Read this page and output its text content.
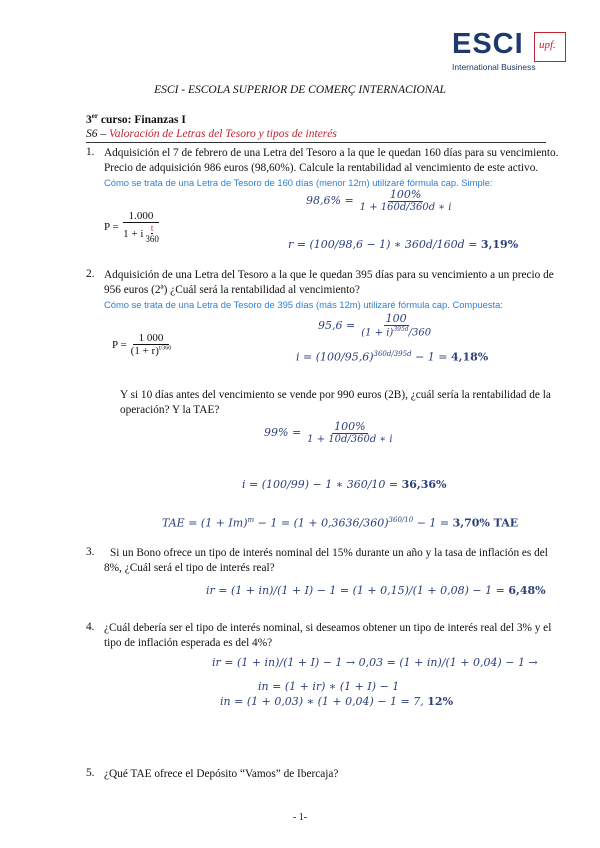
ESCI upf.
International Business
ESCI - ESCOLA SUPERIOR DE COMERÇ INTERNACIONAL
3er curso: Finanzas I
S6 – Valoración de Letras del Tesoro y tipos de interés
1. Adquisición el 7 de febrero de una Letra del Tesoro a la que le quedan 160 días para su vencimiento.
Precio de adquisición 986 euros (98,60%). Calcule la rentabilidad al vencimiento de este activo.
Cómo se trata de una Letra de Tesoro de 160 días (menor 12m) utilizaré fórmula cap. Simple:
$P = \frac{1.000}{1 + i \frac{t}{360}}$
$98,6\% = \frac{100\%}{1 + 160d/360d ∗ i}$
r = (100/98,6 − 1) ∗ 360d/160d = 3,19%
2. Adquisición de una Letra del Tesoro a la que le quedan 395 días para su vencimiento a un precio de
956 euros (2ª) ¿Cuál será la rentabilidad al vencimiento?
Cómo se trata de una Letra de Tesoro de 395 días (más 12m) utilizaré fórmula cap. Compuesta:
$P = \frac{1 000}{(1 + r)^{t/360}}$
$95,6 = \frac{100}{(1 + i)^{395d}/360}$
$i = (100/95,6)^{360d/395d} - 1 = 4,18\%$
Y si 10 días antes del vencimiento se vende por 990 euros (2B), ¿cuál sería la rentabilidad de la
operación? Y la TAE?
$99\% = \frac{100\%}{1 + 10d/360d ∗ i}$
i = (100/99) − 1 ∗ 360/10 = 36,36%
TAE = $(1 + Im)^m - 1 = (1 + 0,3636/360)^{360/10} - 1 = 3,70\%$ TAE
3. Si un Bono ofrece un tipo de interés nominal del 15% durante un año y la tasa de inflación es del
8%, ¿Cuál será el tipo de interés real?
ir = (1 + in)/(1 + I) − 1 = (1 + 0,15)/(1 + 0,08) − 1 = 6,48%
4. ¿Cuál debería ser el tipo de interés nominal, si deseamos obtener un tipo de interés real del 3% y el
tipo de inflación esperada es del 4%?
ir = (1 + in)/(1 + I) − 1 → 0,03 = (1 + in)/(1 + 0,04) − 1 →
in = (1 + ir) ∗ (1 + I) − 1
in = (1 + 0,03) ∗ (1 + 0,04) − 1 = 7, 12%
5. ¿Qué TAE ofrece el Depósito “Vamos” de Ibercaja?
- 1-
